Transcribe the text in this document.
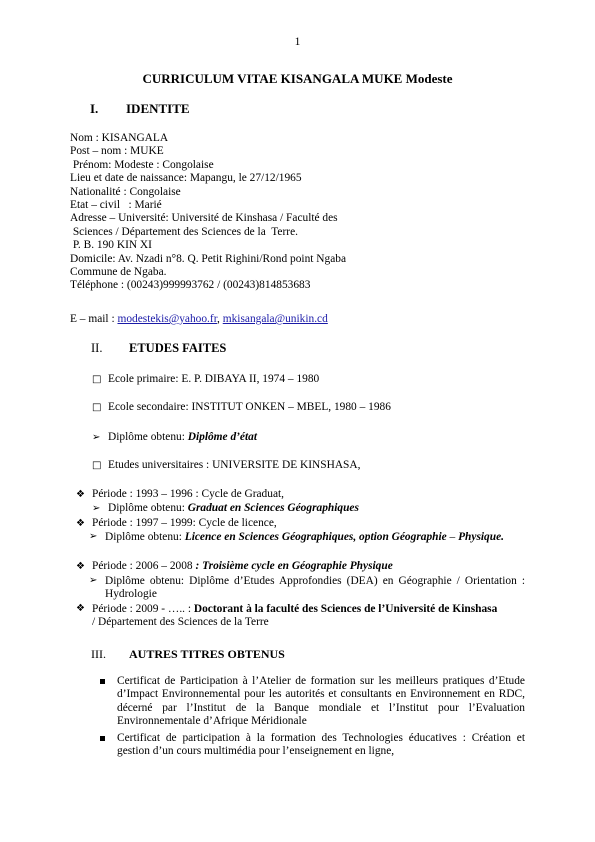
1
CURRICULUM VITAE KISANGALA MUKE Modeste
I. IDENTITE
Nom : KISANGALA
Post – nom : MUKE
Prénom: Modeste : Congolaise
Lieu et date de naissance: Mapangu, le 27/12/1965
Nationalité : Congolaise
Etat – civil   : Marié
Adresse – Université: Université de Kinshasa / Faculté des
Sciences / Département des Sciences de la  Terre.
P. B. 190 KIN XI
Domicile: Av. Nzadi n°8. Q. Petit Righini/Rond point Ngaba
Commune de Ngaba.
Téléphone : (00243)999993762 / (00243)814853683
E – mail : modestekis@yahoo.fr, mkisangala@unikin.cd
II. ETUDES FAITES
□ Ecole primaire: E. P. DIBAYA II, 1974 – 1980
□ Ecole secondaire: INSTITUT ONKEN – MBEL, 1980 – 1986
➢ Diplôme obtenu: Diplôme d’état
□ Etudes universitaires : UNIVERSITE DE KINSHASA,
❖ Période : 1993 – 1996 : Cycle de Graduat,
➢ Diplôme obtenu: Graduat en Sciences Géographiques
❖ Période : 1997 – 1999: Cycle de licence,
➢ Diplôme obtenu: Licence en Sciences Géographiques, option Géographie – Physique.
❖ Période : 2006 – 2008 : Troisième cycle en Géographie Physique
➢ Diplôme obtenu: Diplôme d’Etudes Approfondies (DEA) en Géographie / Orientation : Hydrologie
❖ Période : 2009 - ….. : Doctorant à la faculté des Sciences de l’Université de Kinshasa
/ Département des Sciences de la Terre
III. AUTRES TITRES OBTENUS
Certificat de Participation à l’Atelier de formation sur les meilleurs pratiques d’Etude d’Impact Environnemental pour les autorités et consultants en Environnement en RDC, décerné par l’Institut de la Banque mondiale et l’Institut pour l’Evaluation Environnementale d’Afrique Méridionale
Certificat de participation à la formation des Technologies éducatives : Création et gestion d’un cours multimédia pour l’enseignement en ligne,
